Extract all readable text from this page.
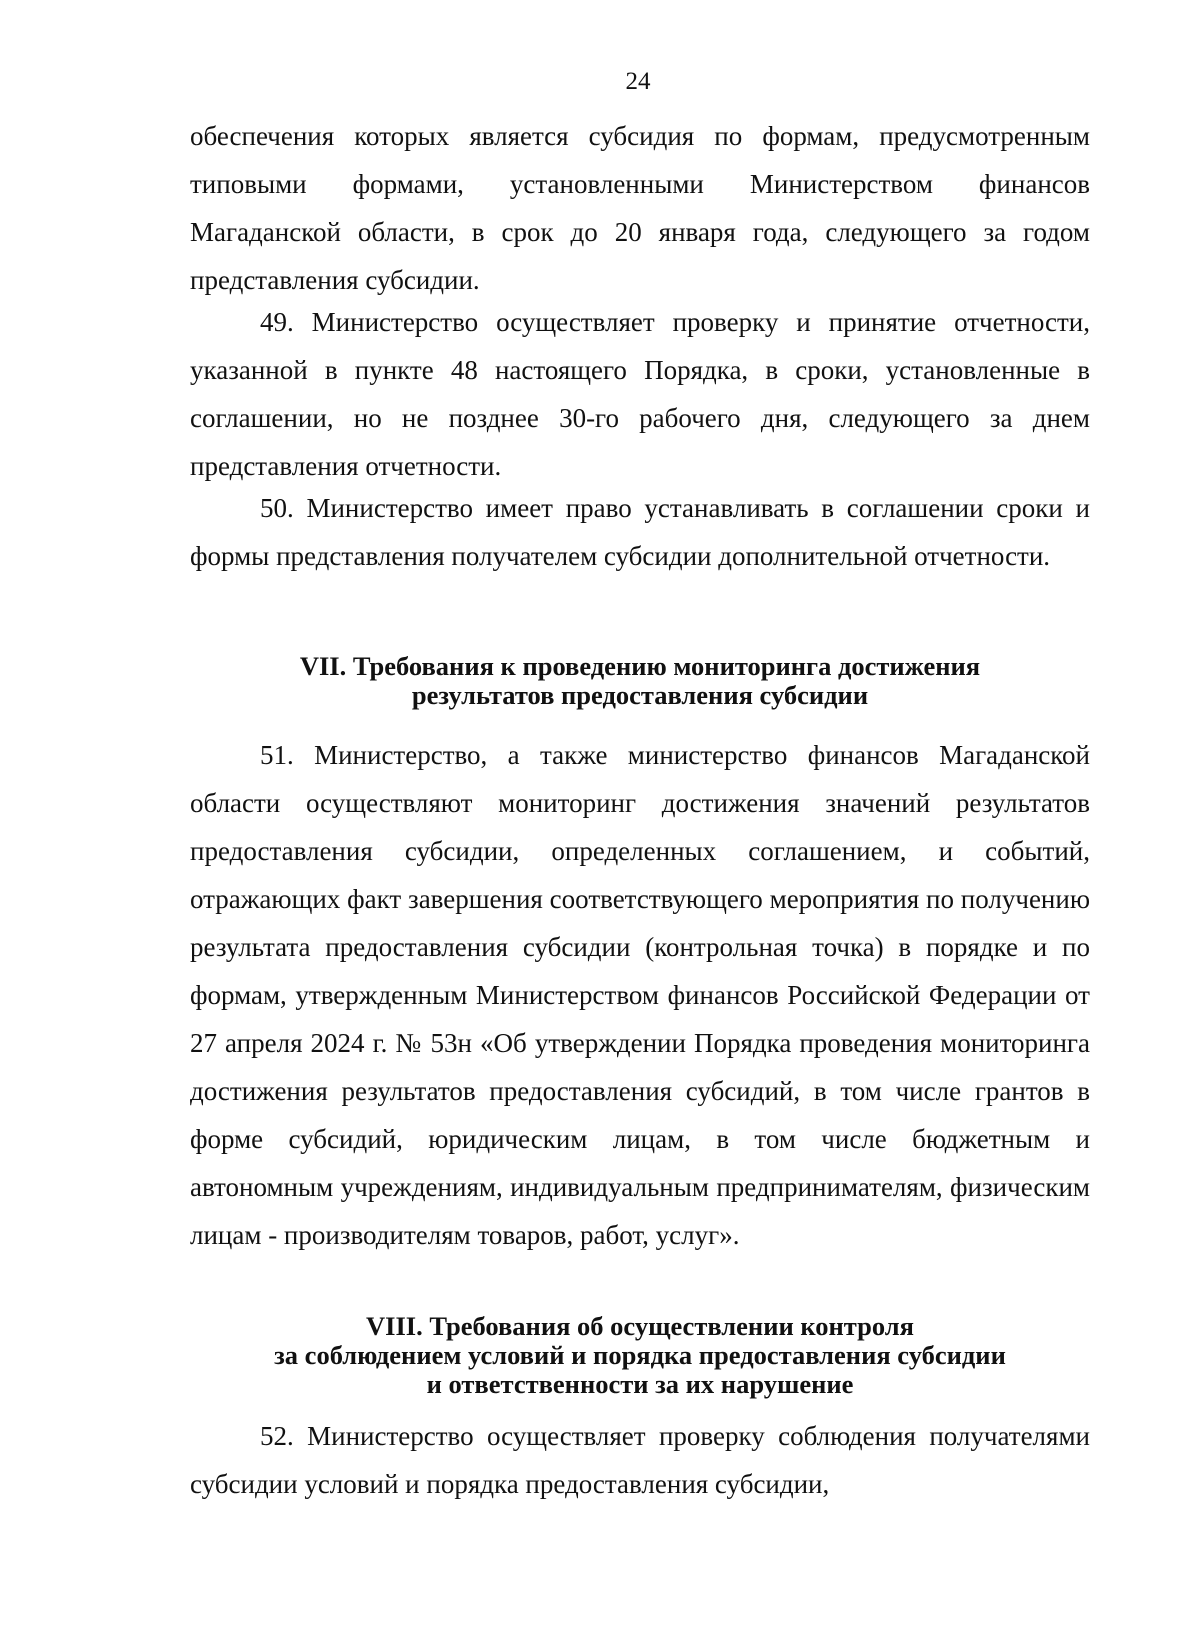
24

обеспечения которых является субсидия по формам, предусмотренным типовыми формами, установленными Министерством финансов Магаданской области, в срок до 20 января года, следующего за годом представления субсидии.

49. Министерство осуществляет проверку и принятие отчетности, указанной в пункте 48 настоящего Порядка, в сроки, установленные в соглашении, но не позднее 30-го рабочего дня, следующего за днем представления отчетности.

50. Министерство имеет право устанавливать в соглашении сроки и формы представления получателем субсидии дополнительной отчетности.

VII. Требования к проведению мониторинга достижения

результатов предоставления субсидии

51. Министерство, а также министерство финансов Магаданской области осуществляют мониторинг достижения значений результатов предоставления субсидии, определенных соглашением, и событий, отражающих факт завершения соответствующего мероприятия по получению результата предоставления субсидии (контрольная точка) в порядке и по формам, утвержденным Министерством финансов Российской Федерации от 27 апреля 2024 г. № 53н «Об утверждении Порядка проведения мониторинга достижения результатов предоставления субсидий, в том числе грантов в форме субсидий, юридическим лицам, в том числе бюджетным и автономным учреждениям, индивидуальным предпринимателям, физическим лицам - производителям товаров, работ, услуг».

VIII. Требования об осуществлении контроля

за соблюдением условий и порядка предоставления субсидии

и ответственности за их нарушение

52. Министерство осуществляет проверку соблюдения получателями субсидии условий и порядка предоставления субсидии,
